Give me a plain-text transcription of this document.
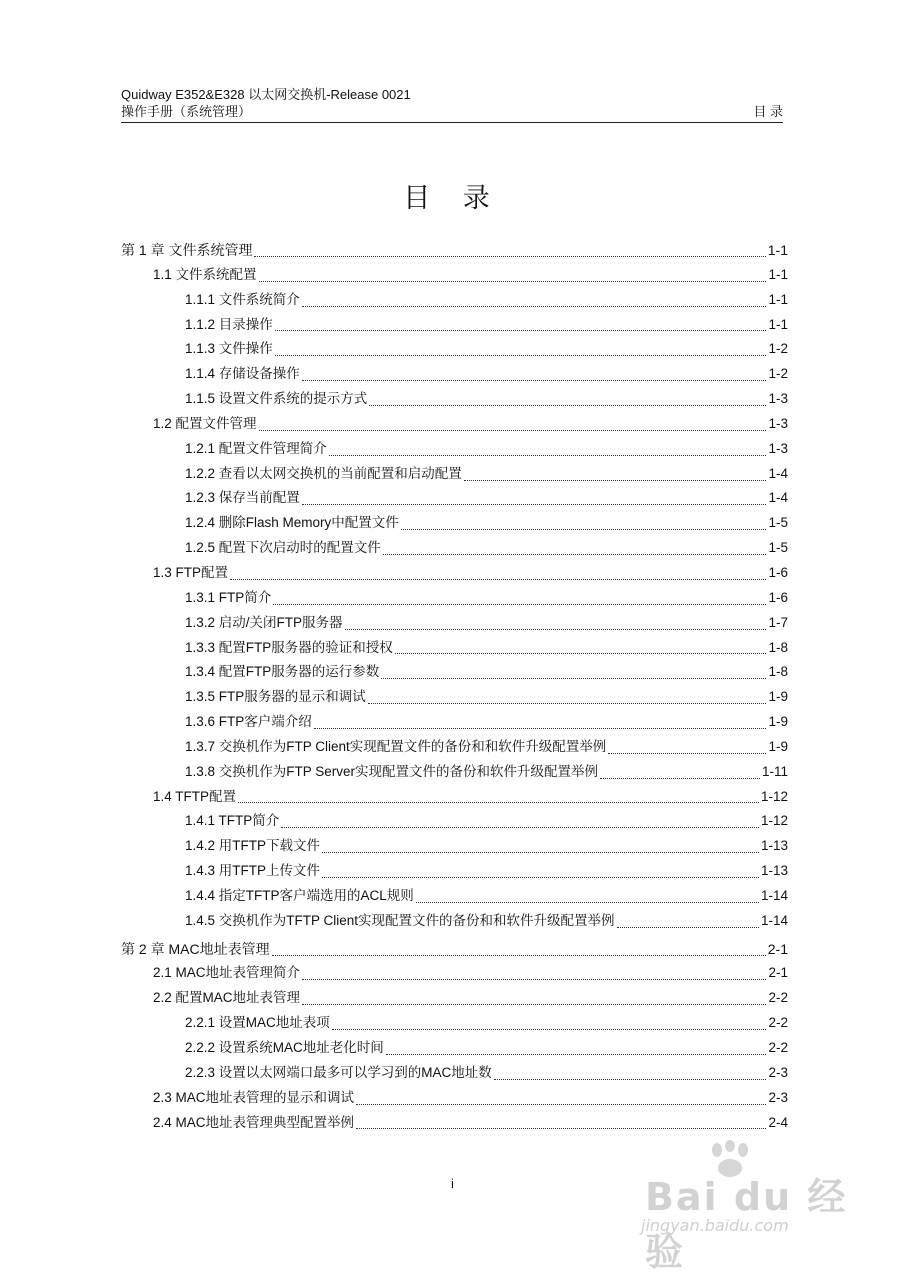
Quidway E352&E328 以太网交换机-Release 0021
操作手册（系统管理）	目 录
目 录
第 1 章 文件系统管理	1-1
1.1 文件系统配置	1-1
1.1.1 文件系统简介	1-1
1.1.2 目录操作	1-1
1.1.3 文件操作	1-2
1.1.4 存储设备操作	1-2
1.1.5 设置文件系统的提示方式	1-3
1.2 配置文件管理	1-3
1.2.1 配置文件管理简介	1-3
1.2.2 查看以太网交换机的当前配置和启动配置	1-4
1.2.3 保存当前配置	1-4
1.2.4 删除Flash Memory中配置文件	1-5
1.2.5 配置下次启动时的配置文件	1-5
1.3 FTP配置	1-6
1.3.1 FTP简介	1-6
1.3.2 启动/关闭FTP服务器	1-7
1.3.3 配置FTP服务器的验证和授权	1-8
1.3.4 配置FTP服务器的运行参数	1-8
1.3.5 FTP服务器的显示和调试	1-9
1.3.6 FTP客户端介绍	1-9
1.3.7 交换机作为FTP Client实现配置文件的备份和和软件升级配置举例	1-9
1.3.8 交换机作为FTP Server实现配置文件的备份和软件升级配置举例	1-11
1.4 TFTP配置	1-12
1.4.1 TFTP简介	1-12
1.4.2 用TFTP下载文件	1-13
1.4.3 用TFTP上传文件	1-13
1.4.4 指定TFTP客户端选用的ACL规则	1-14
1.4.5 交换机作为TFTP Client实现配置文件的备份和和软件升级配置举例	1-14
第 2 章 MAC地址表管理	2-1
2.1 MAC地址表管理简介	2-1
2.2 配置MAC地址表管理	2-2
2.2.1 设置MAC地址表项	2-2
2.2.2 设置系统MAC地址老化时间	2-2
2.2.3 设置以太网端口最多可以学习到的MAC地址数	2-3
2.3 MAC地址表管理的显示和调试	2-3
2.4 MAC地址表管理典型配置举例	2-4
i	Bai du 经验
jingyan.baidu.com
